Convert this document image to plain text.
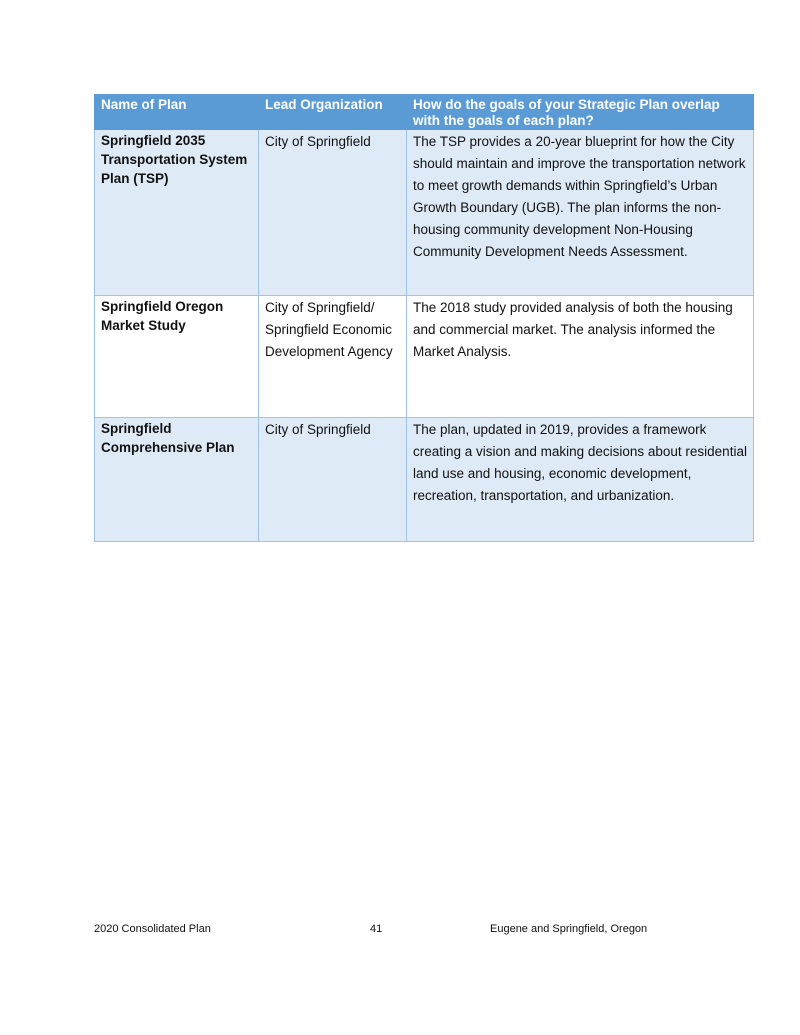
Name of Plan	Lead Organization	How do the goals of your Strategic Plan overlap with the goals of each plan?
Springfield 2035 Transportation System Plan (TSP)	City of Springfield	The TSP provides a 20-year blueprint for how the City should maintain and improve the transportation network to meet growth demands within Springfield’s Urban Growth Boundary (UGB). The plan informs the non-housing community development Non-Housing Community Development Needs Assessment.
Springfield Oregon Market Study	City of Springfield/ Springfield Economic Development Agency	The 2018 study provided analysis of both the housing and commercial market. The analysis informed the Market Analysis.
Springfield Comprehensive Plan	City of Springfield	The plan, updated in 2019, provides a framework creating a vision and making decisions about residential land use and housing, economic development, recreation, transportation, and urbanization.
2020 Consolidated Plan	41	Eugene and Springfield, Oregon
